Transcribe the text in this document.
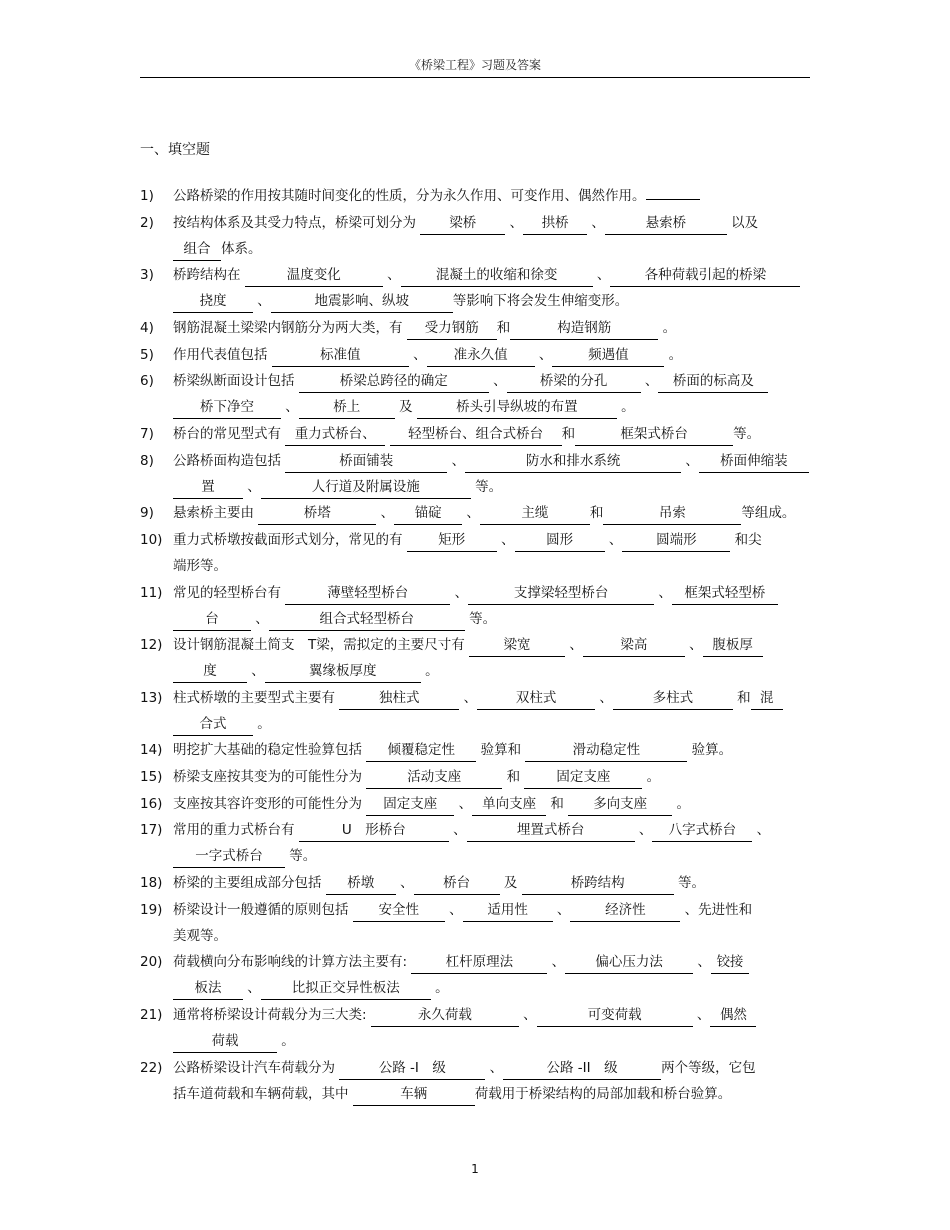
《桥梁工程》习题及答案
一、填空题
1)	公路桥梁的作用按其随时间变化的性质，分为永久作用、可变作用、偶然作用。
2)	按结构体系及其受力特点，桥梁可划分为 梁桥 、 拱桥 、	悬索桥	以及
组合 体系。
3)	桥跨结构在	温度变化	、	混凝土的收缩和徐变	、	各种荷载引起的桥梁
挠度 、	地震影响、纵坡	等影响下将会发生伸缩变形。
4)	钢筋混凝土梁梁内钢筋分为两大类，有 受力钢筋 和	构造钢筋	。
5)	作用代表值包括	标准值	、 准永久值 、	频遇值	。
6)	桥梁纵断面设计包括	桥梁总跨径的确定	、 桥梁的分孔 、 桥面的标高及
桥下净空 、	桥上	及	桥头引导纵坡的布置	。
7)	桥台的常见型式有 重力式桥台、 轻型桥台、组合式桥台 和	框架式桥台	等。
8)	公路桥面构造包括	桥面铺装	、	防水和排水系统	、 桥面伸缩装
置 、	人行道及附属设施	等。
9)	悬索桥主要由	桥塔	、 锚碇 、	主缆	和	吊索	等组成。
10) 重力式桥墩按截面形式划分，常见的有 矩形 、 圆形 、	圆端形	和尖
端形等。
11) 常见的轻型桥台有	薄壁轻型桥台	、	支撑梁轻型桥台	、 框架式轻型桥
台 、	组合式轻型桥台	等。
12) 设计钢筋混凝土简支　T梁，需拟定的主要尺寸有	梁宽	、	梁高	、 腹板厚
度 、	翼缘板厚度	。
13) 柱式桥墩的主要型式主要有	独柱式	、	双柱式	、	多柱式	和 混
合式 。
14) 明挖扩大基础的稳定性验算包括 倾覆稳定性 验算和	滑动稳定性	验算。
15) 桥梁支座按其变为的可能性分为	活动支座	和 固定支座 。
16) 支座按其容许变形的可能性分为 固定支座 、 单向支座 和 多向支座 。
17) 常用的重力式桥台有	U　形桥台	、	埋置式桥台	、 八字式桥台 、
一字式桥台 等。
18) 桥梁的主要组成部分包括 桥墩 、 桥台 及	桥跨结构	等。
19) 桥梁设计一般遵循的原则包括 安全性 、 适用性 、	经济性	、先进性和
美观等。
20) 荷载横向分布影响线的计算方法主要有:	杠杆原理法	、 偏心压力法 、 铰接
板法 、 比拟正交异性板法 。
21) 通常将桥梁设计荷载分为三大类:	永久荷载	、	可变荷载	、 偶然
荷载	。
22) 公路桥梁设计汽车荷载分为	公路 -I　级	、	公路 -II　级	两个等级，它包
括车道荷载和车辆荷载，其中	车辆	荷载用于桥梁结构的局部加载和桥台验算。
1
